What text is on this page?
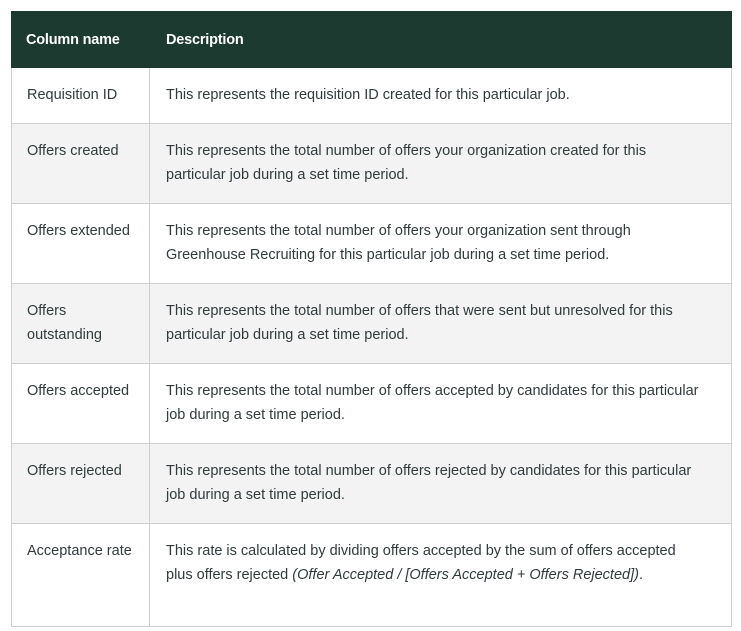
Column name	Description
Requisition ID	This represents the requisition ID created for this particular job.
Offers created	This represents the total number of offers your organization created for this particular job during a set time period.
Offers extended	This represents the total number of offers your organization sent through Greenhouse Recruiting for this particular job during a set time period.
Offers outstanding	This represents the total number of offers that were sent but unresolved for this particular job during a set time period.
Offers accepted	This represents the total number of offers accepted by candidates for this particular job during a set time period.
Offers rejected	This represents the total number of offers rejected by candidates for this particular job during a set time period.
Acceptance rate	This rate is calculated by dividing offers accepted by the sum of offers accepted plus offers rejected (Offer Accepted / [Offers Accepted + Offers Rejected]).
